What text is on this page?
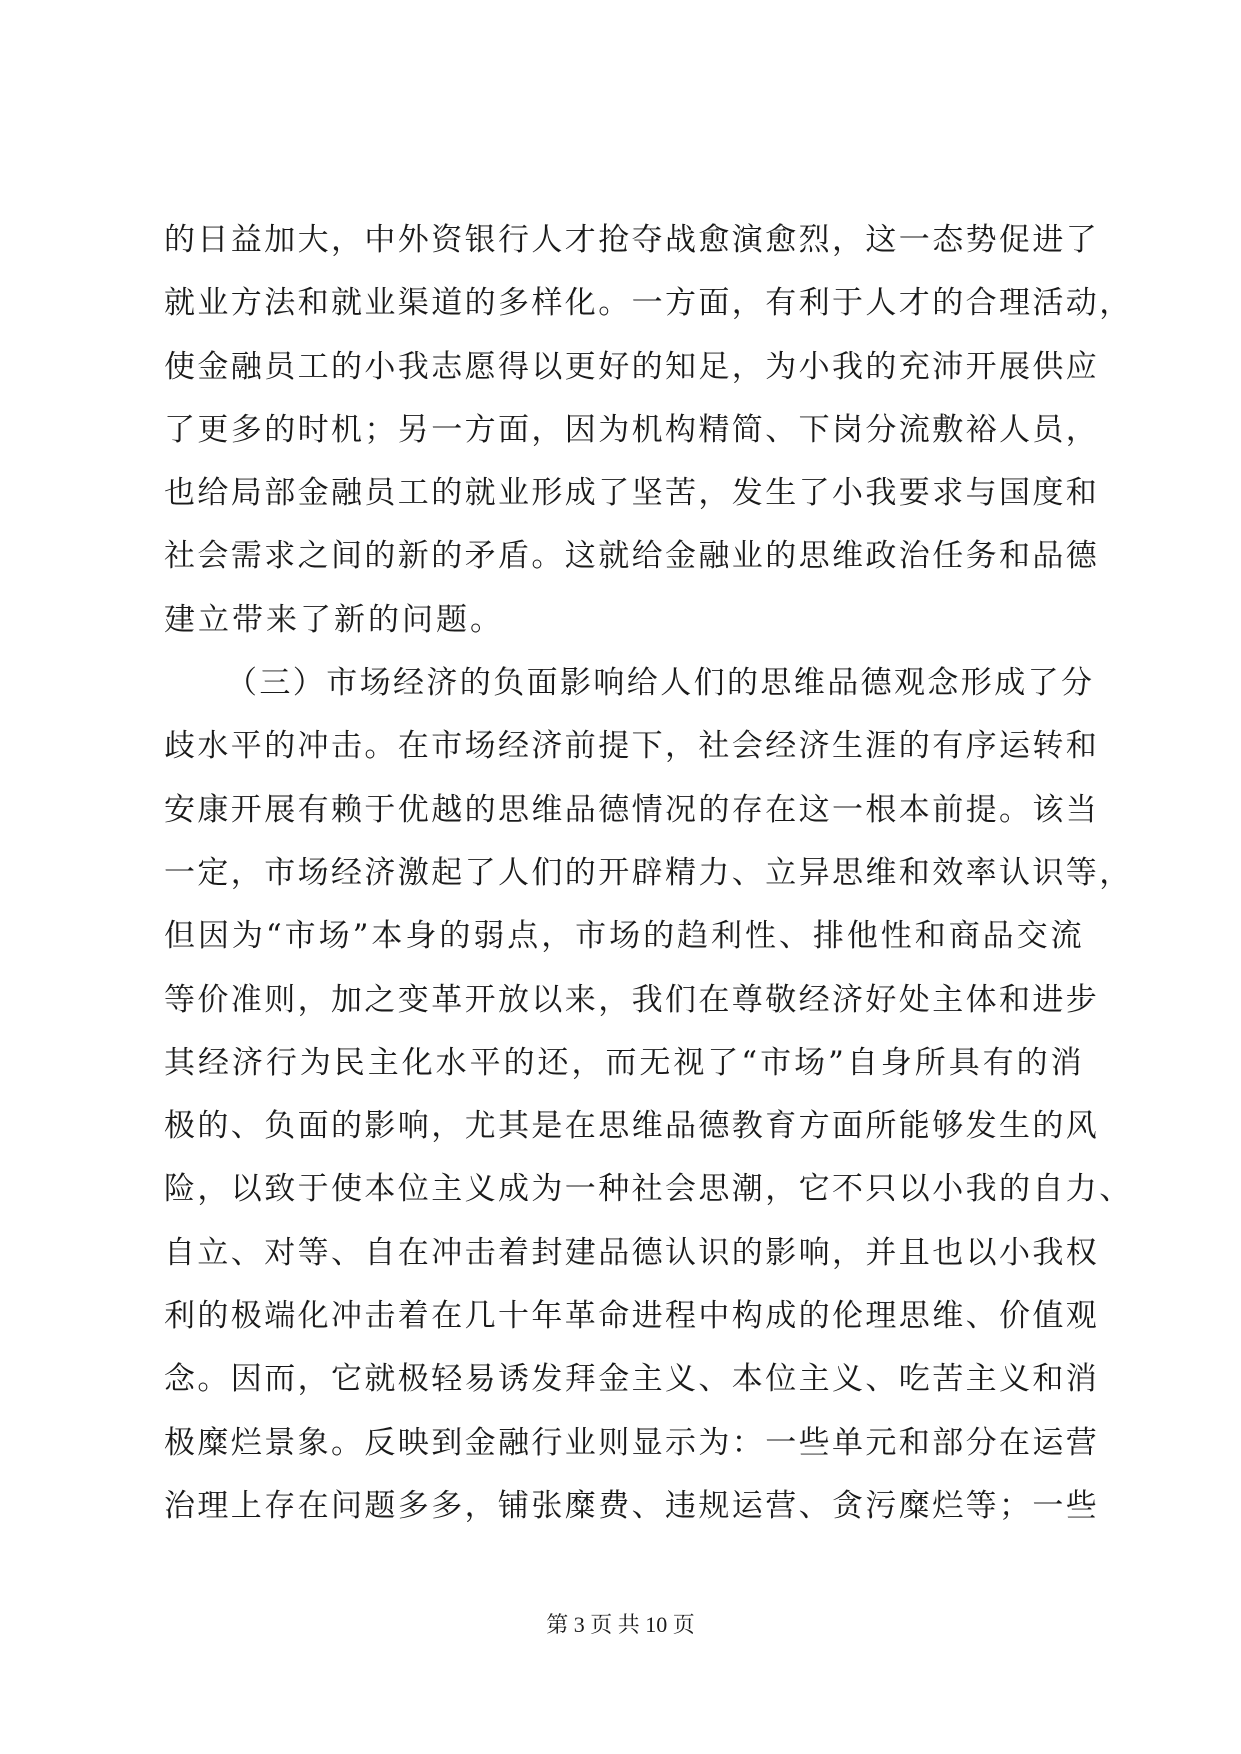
的日益加大，中外资银行人才抢夺战愈演愈烈，这一态势促进了
就业方法和就业渠道的多样化。一方面，有利于人才的合理活动，
使金融员工的小我志愿得以更好的知足，为小我的充沛开展供应
了更多的时机；另一方面，因为机构精简、下岗分流敷裕人员，
也给局部金融员工的就业形成了坚苦，发生了小我要求与国度和
社会需求之间的新的矛盾。这就给金融业的思维政治任务和品德
建立带来了新的问题。
（三）市场经济的负面影响给人们的思维品德观念形成了分
歧水平的冲击。在市场经济前提下，社会经济生涯的有序运转和
安康开展有赖于优越的思维品德情况的存在这一根本前提。该当
一定，市场经济激起了人们的开辟精力、立异思维和效率认识等，
但因为“市场”本身的弱点，市场的趋利性、排他性和商品交流
等价准则，加之变革开放以来，我们在尊敬经济好处主体和进步
其经济行为民主化水平的还，而无视了“市场”自身所具有的消
极的、负面的影响，尤其是在思维品德教育方面所能够发生的风
险，以致于使本位主义成为一种社会思潮，它不只以小我的自力、
自立、对等、自在冲击着封建品德认识的影响，并且也以小我权
利的极端化冲击着在几十年革命进程中构成的伦理思维、价值观
念。因而，它就极轻易诱发拜金主义、本位主义、吃苦主义和消
极糜烂景象。反映到金融行业则显示为：一些单元和部分在运营
治理上存在问题多多，铺张糜费、违规运营、贪污糜烂等；一些
第 3 页 共 10 页
